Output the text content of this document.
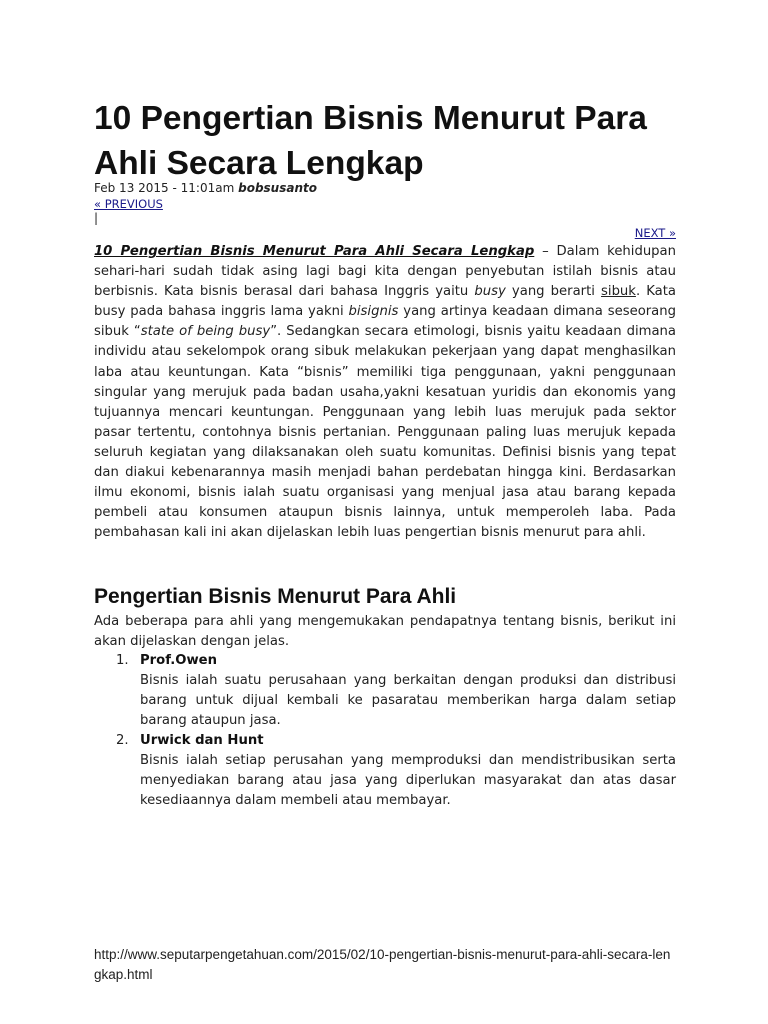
10 Pengertian Bisnis Menurut Para Ahli Secara Lengkap
Feb 13 2015 - 11:01am bobsusanto
« PREVIOUS
|
NEXT »

10 Pengertian Bisnis Menurut Para Ahli Secara Lengkap – Dalam kehidupan sehari-hari sudah tidak asing lagi bagi kita dengan penyebutan istilah bisnis atau berbisnis. Kata bisnis berasal dari bahasa Inggris yaitu busy yang berarti sibuk. Kata busy pada bahasa inggris lama yakni bisignis yang artinya keadaan dimana seseorang sibuk “state of being busy”. Sedangkan secara etimologi, bisnis yaitu keadaan dimana individu atau sekelompok orang sibuk melakukan pekerjaan yang dapat menghasilkan laba atau keuntungan. Kata “bisnis” memiliki tiga penggunaan, yakni penggunaan singular yang merujuk pada badan usaha,yakni kesatuan yuridis dan ekonomis yang tujuannya mencari keuntungan. Penggunaan yang lebih luas merujuk pada sektor pasar tertentu, contohnya bisnis pertanian. Penggunaan paling luas merujuk kepada seluruh kegiatan yang dilaksanakan oleh suatu komunitas. Definisi bisnis yang tepat dan diakui kebenarannya masih menjadi bahan perdebatan hingga kini. Berdasarkan ilmu ekonomi, bisnis ialah suatu organisasi yang menjual jasa atau barang kepada pembeli atau konsumen ataupun bisnis lainnya, untuk memperoleh laba. Pada pembahasan kali ini akan dijelaskan lebih luas pengertian bisnis menurut para ahli.

Pengertian Bisnis Menurut Para Ahli

Ada beberapa para ahli yang mengemukakan pendapatnya tentang bisnis, berikut ini akan dijelaskan dengan jelas.

1. Prof.Owen

Bisnis ialah suatu perusahaan yang berkaitan dengan produksi dan distribusi barang untuk dijual kembali ke pasaratau memberikan harga dalam setiap barang ataupun jasa.

2. Urwick dan Hunt

Bisnis ialah setiap perusahan yang memproduksi dan mendistribusikan serta menyediakan barang atau jasa yang diperlukan masyarakat dan atas dasar kesediaannya dalam membeli atau membayar.

http://www.seputarpengetahuan.com/2015/02/10-pengertian-bisnis-menurut-para-ahli-secara-lengkap.html
